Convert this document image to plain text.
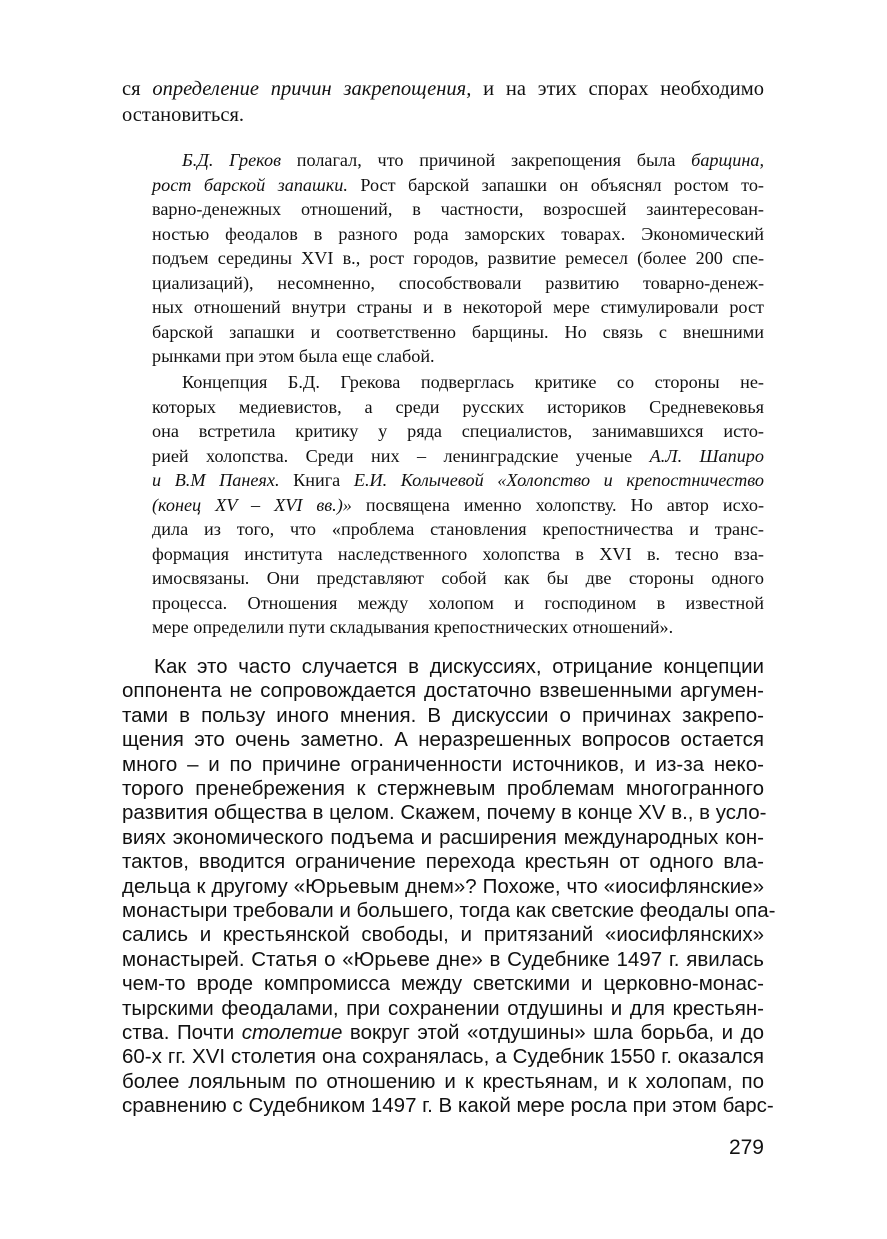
ся определение причин закрепощения, и на этих спорах необходимо
остановиться.
Б.Д. Греков полагал, что причиной закрепощения была барщина,
рост барской запашки. Рост барской запашки он объяснял ростом то-
варно-денежных отношений, в частности, возросшей заинтересован-
ностью феодалов в разного рода заморских товарах. Экономический
подъем середины XVI в., рост городов, развитие ремесел (более 200 спе-
циализаций), несомненно, способствовали развитию товарно-денеж-
ных отношений внутри страны и в некоторой мере стимулировали рост
барской запашки и соответственно барщины. Но связь с внешними
рынками при этом была еще слабой.
Концепция Б.Д. Грекова подверглась критике со стороны не-
которых медиевистов, а среди русских историков Средневековья
она встретила критику у ряда специалистов, занимавшихся исто-
рией холопства. Среди них – ленинградские ученые А.Л. Шапиро
и В.М Панеях. Книга Е.И. Колычевой «Холопство и крепостничество
(конец XV – XVI вв.)» посвящена именно холопству. Но автор исхо-
дила из того, что «проблема становления крепостничества и транс-
формация института наследственного холопства в XVI в. тесно вза-
имосвязаны. Они представляют собой как бы две стороны одного
процесса. Отношения между холопом и господином в известной
мере определили пути складывания крепостнических отношений».
Как это часто случается в дискуссиях, отрицание концепции
оппонента не сопровождается достаточно взвешенными аргумен-
тами в пользу иного мнения. В дискуссии о причинах закрепо-
щения это очень заметно. А неразрешенных вопросов остается
много – и по причине ограниченности источников, и из-за неко-
торого пренебрежения к стержневым проблемам многогранного
развития общества в целом. Скажем, почему в конце XV в., в усло-
виях экономического подъема и расширения международных кон-
тактов, вводится ограничение перехода крестьян от одного вла-
дельца к другому «Юрьевым днем»? Похоже, что «иосифлянские»
монастыри требовали и большего, тогда как светские феодалы опа-
сались и крестьянской свободы, и притязаний «иосифлянских»
монастырей. Статья о «Юрьеве дне» в Судебнике 1497 г. явилась
чем-то вроде компромисса между светскими и церковно-монас-
тырскими феодалами, при сохранении отдушины и для крестьян-
ства. Почти столетие вокруг этой «отдушины» шла борьба, и до
60-х гг. XVI столетия она сохранялась, а Судебник 1550 г. оказался
более лояльным по отношению и к крестьянам, и к холопам, по
сравнению с Судебником 1497 г. В какой мере росла при этом барс-
279
